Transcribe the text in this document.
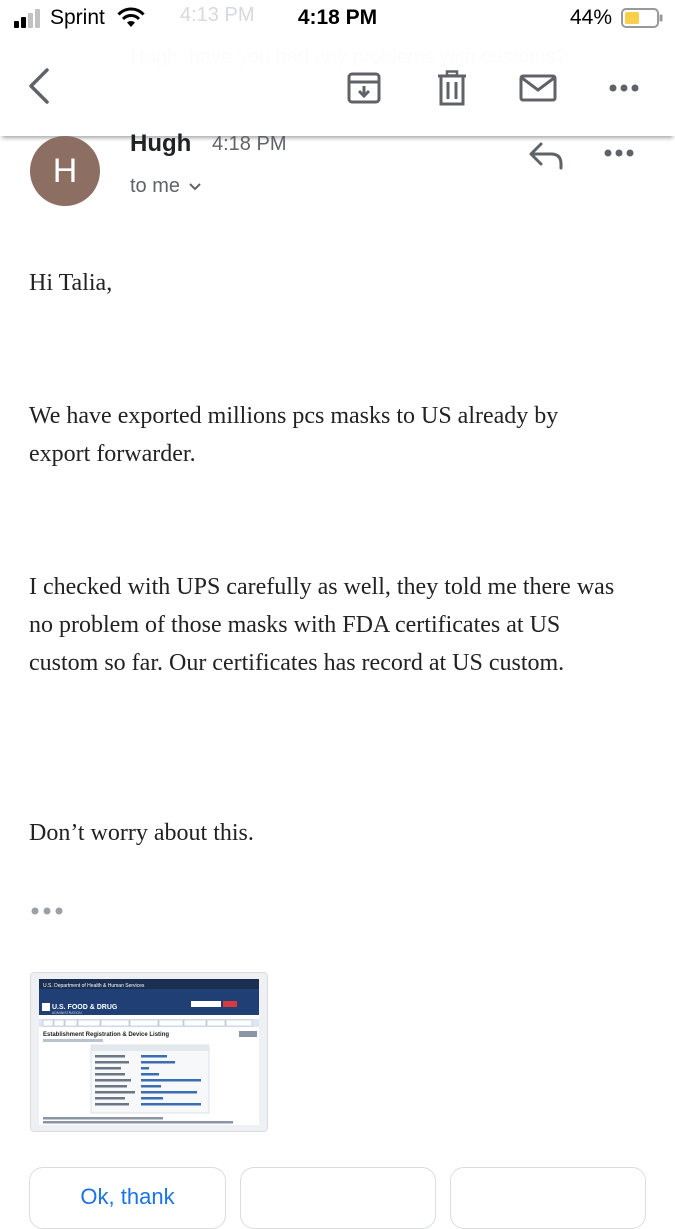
4:13 PM
Sprint	4:18 PM	44%
H
Hugh 4:18 PM
to me
Hi Talia,
We have exported millions pcs masks to US already by export forwarder.
I checked with UPS carefully as well, they told me there was no problem of those masks with FDA certificates at US custom so far. Our certificates has record at US custom.
Don’t worry about this.
U.S. Department of Health & Human Services
U.S. FOOD & DRUG
ADMINISTRATION
Establishment Registration & Device Listing
Ok, thank
